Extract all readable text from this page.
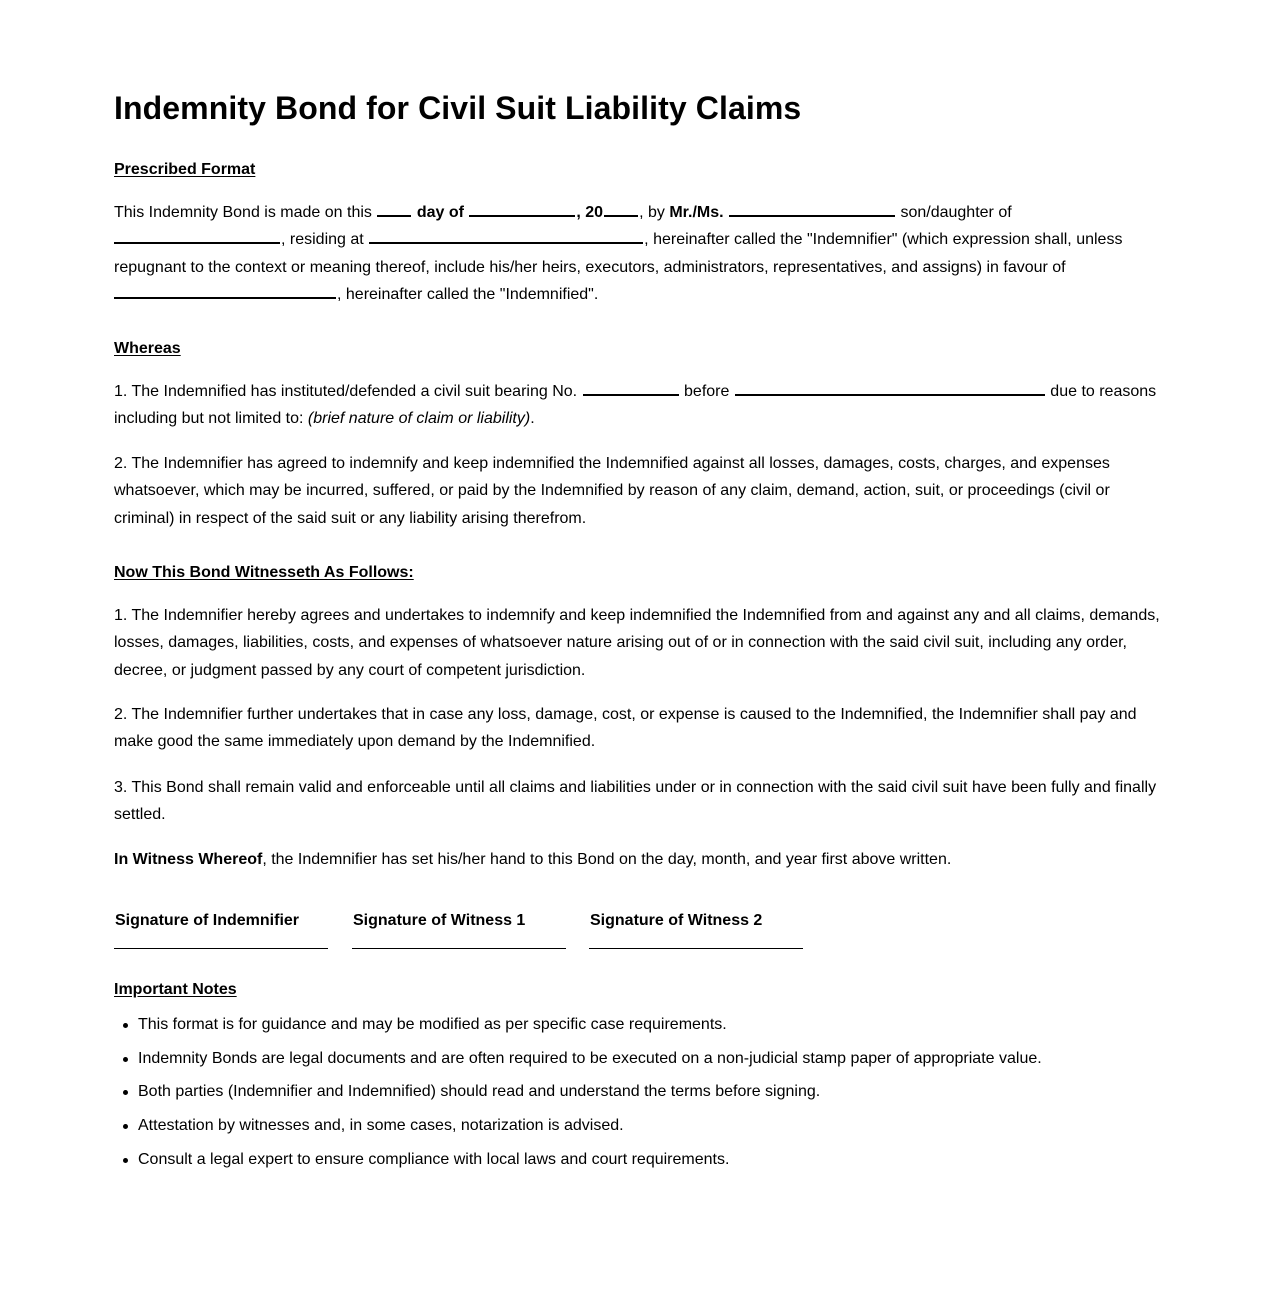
Indemnity Bond for Civil Suit Liability Claims
Prescribed Format

This Indemnity Bond is made on this	day of	, 20 , by Mr./Ms.	son/daughter of
, residing at	, hereinafter called the "Indemnifier" (which expression shall, unless repugnant to the context or meaning thereof, include his/her heirs, executors, administrators, representatives, and assigns) in favour of
, hereinafter called the "Indemnified".

Whereas

1. The Indemnified has instituted/defended a civil suit bearing No.	before	due to reasons including but not limited to: (brief nature of claim or liability).

2. The Indemnifier has agreed to indemnify and keep indemnified the Indemnified against all losses, damages, costs, charges, and expenses whatsoever, which may be incurred, suffered, or paid by the Indemnified by reason of any claim, demand, action, suit, or proceedings (civil or criminal) in respect of the said suit or any liability arising therefrom.

Now This Bond Witnesseth As Follows:

1. The Indemnifier hereby agrees and undertakes to indemnify and keep indemnified the Indemnified from and against any and all claims, demands, losses, damages, liabilities, costs, and expenses of whatsoever nature arising out of or in connection with the said civil suit, including any order, decree, or judgment passed by any court of competent jurisdiction.

2. The Indemnifier further undertakes that in case any loss, damage, cost, or expense is caused to the Indemnified, the Indemnifier shall pay and make good the same immediately upon demand by the Indemnified.

3. This Bond shall remain valid and enforceable until all claims and liabilities under or in connection with the said civil suit have been fully and finally settled.

In Witness Whereof, the Indemnifier has set his/her hand to this Bond on the day, month, and year first above written.

Signature of Indemnifier	Signature of Witness 1	Signature of Witness 2
Important Notes
This format is for guidance and may be modified as per specific case requirements.
Indemnity Bonds are legal documents and are often required to be executed on a non-judicial stamp paper of appropriate value.
Both parties (Indemnifier and Indemnified) should read and understand the terms before signing.
Attestation by witnesses and, in some cases, notarization is advised.
Consult a legal expert to ensure compliance with local laws and court requirements.
